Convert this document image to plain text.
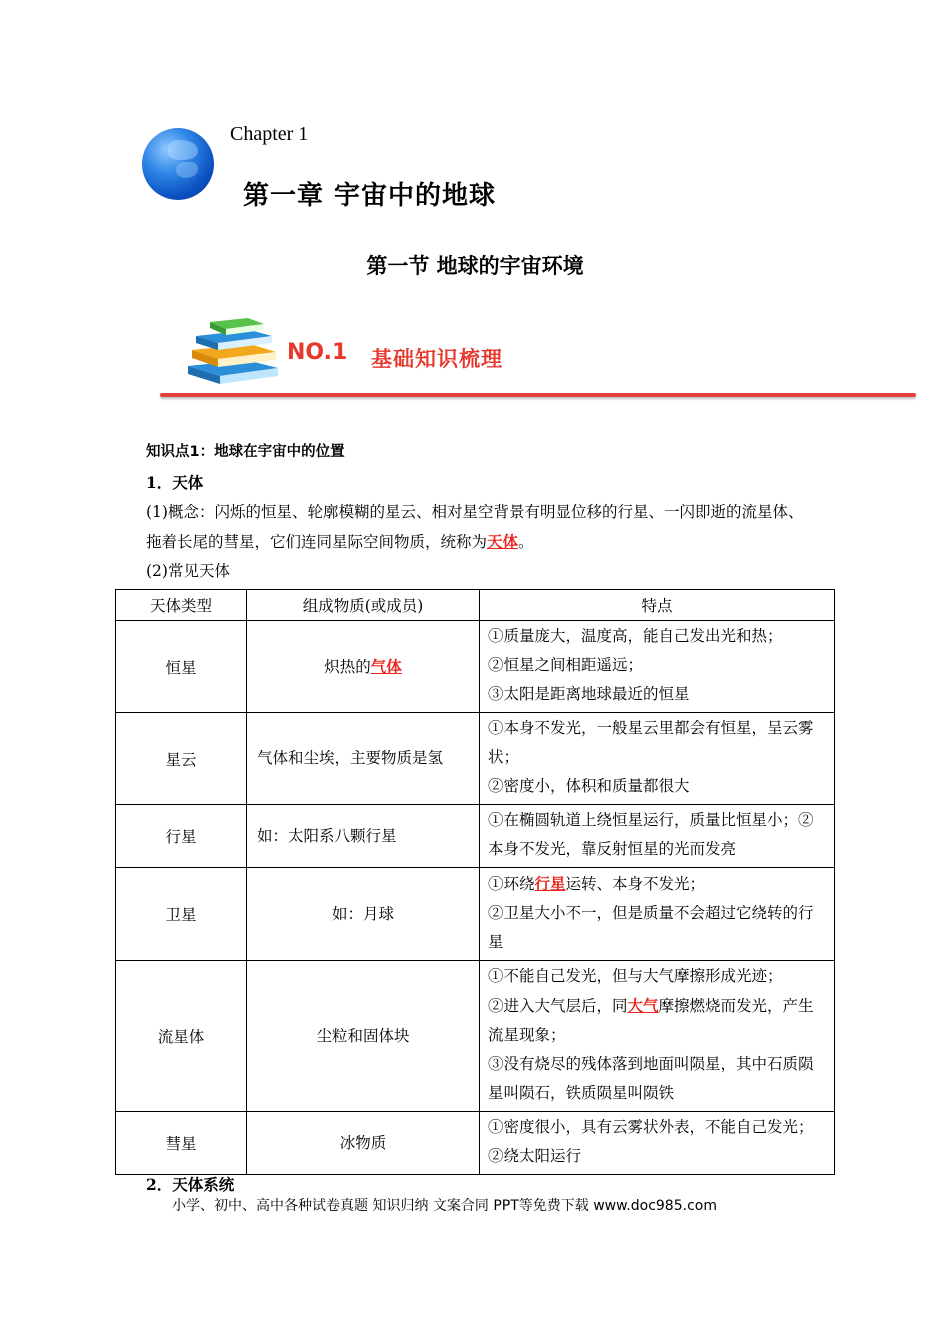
Chapter 1
第一章 宇宙中的地球
第一节 地球的宇宙环境
NO.1 基础知识梳理
知识点1：地球在宇宙中的位置
1．天体
(1)概念：闪烁的恒星、轮廓模糊的星云、相对星空背景有明显位移的行星、一闪即逝的流星体、拖着长尾的彗星，它们连同星际空间物质，统称为天体。
(2)常见天体
天体类型	组成物质(或成员)	特点
恒星	炽热的气体	①质量庞大，温度高，能自己发出光和热；
②恒星之间相距遥远；
③太阳是距离地球最近的恒星

星云	气体和尘埃，主要物质是氢	①本身不发光，一般星云里都会有恒星，呈云雾状；
②密度小，体积和质量都很大

行星	如：太阳系八颗行星	①在椭圆轨道上绕恒星运行，质量比恒星小；②本身不发光，靠反射恒星的光而发亮

卫星	如：月球	①环绕行星运转、本身不发光；
②卫星大小不一，但是质量不会超过它绕转的行星

流星体	尘粒和固体块	①不能自己发光，但与大气摩擦形成光迹；
②进入大气层后，同大气摩擦燃烧而发光，产生流星现象；
③没有烧尽的残体落到地面叫陨星，其中石质陨星叫陨石，铁质陨星叫陨铁

彗星	冰物质	①密度很小，具有云雾状外表，不能自己发光；
②绕太阳运行
2．天体系统
小学、初中、高中各种试卷真题 知识归纳 文案合同 PPT等免费下载 www.doc985.com
